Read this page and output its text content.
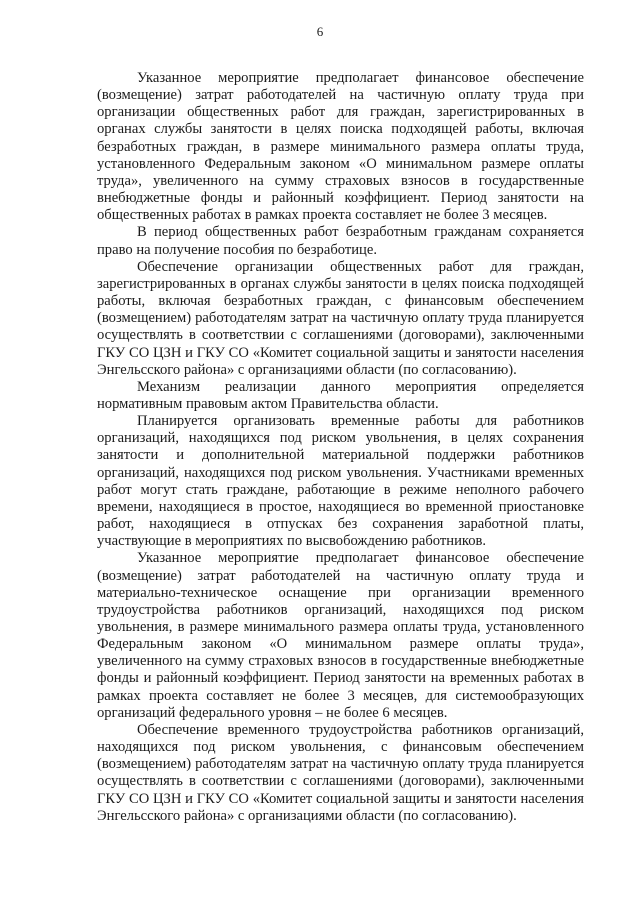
6

Указанное мероприятие предполагает финансовое обеспечение (возмещение) затрат работодателей на частичную оплату труда при организации общественных работ для граждан, зарегистрированных в органах службы занятости в целях поиска подходящей работы, включая безработных граждан, в размере минимального размера оплаты труда, установленного Федеральным законом «О минимальном размере оплаты труда», увеличенного на сумму страховых взносов в государственные внебюджетные фонды и районный коэффициент. Период занятости на общественных работах в рамках проекта составляет не более 3 месяцев.

В период общественных работ безработным гражданам сохраняется право на получение пособия по безработице.

Обеспечение организации общественных работ для граждан, зарегистрированных в органах службы занятости в целях поиска подходящей работы, включая безработных граждан, с финансовым обеспечением (возмещением) работодателям затрат на частичную оплату труда планируется осуществлять в соответствии с соглашениями (договорами), заключенными ГКУ СО ЦЗН и ГКУ СО «Комитет социальной защиты и занятости населения Энгельсского района» с организациями области (по согласованию).

Механизм реализации данного мероприятия определяется нормативным правовым актом Правительства области.

Планируется организовать временные работы для работников организаций, находящихся под риском увольнения, в целях сохранения занятости и дополнительной материальной поддержки работников организаций, находящихся под риском увольнения. Участниками временных работ могут стать граждане, работающие в режиме неполного рабочего времени, находящиеся в простое, находящиеся во временной приостановке работ, находящиеся в отпусках без сохранения заработной платы, участвующие в мероприятиях по высвобождению работников.

Указанное мероприятие предполагает финансовое обеспечение (возмещение) затрат работодателей на частичную оплату труда и материально-техническое оснащение при организации временного трудоустройства работников организаций, находящихся под риском увольнения, в размере минимального размера оплаты труда, установленного Федеральным законом «О минимальном размере оплаты труда», увеличенного на сумму страховых взносов в государственные внебюджетные фонды и районный коэффициент. Период занятости на временных работах в рамках проекта составляет не более 3 месяцев, для системообразующих организаций федерального уровня – не более 6 месяцев.

Обеспечение временного трудоустройства работников организаций, находящихся под риском увольнения, с финансовым обеспечением (возмещением) работодателям затрат на частичную оплату труда планируется осуществлять в соответствии с соглашениями (договорами), заключенными ГКУ СО ЦЗН и ГКУ СО «Комитет социальной защиты и занятости населения Энгельсского района» с организациями области (по согласованию).
